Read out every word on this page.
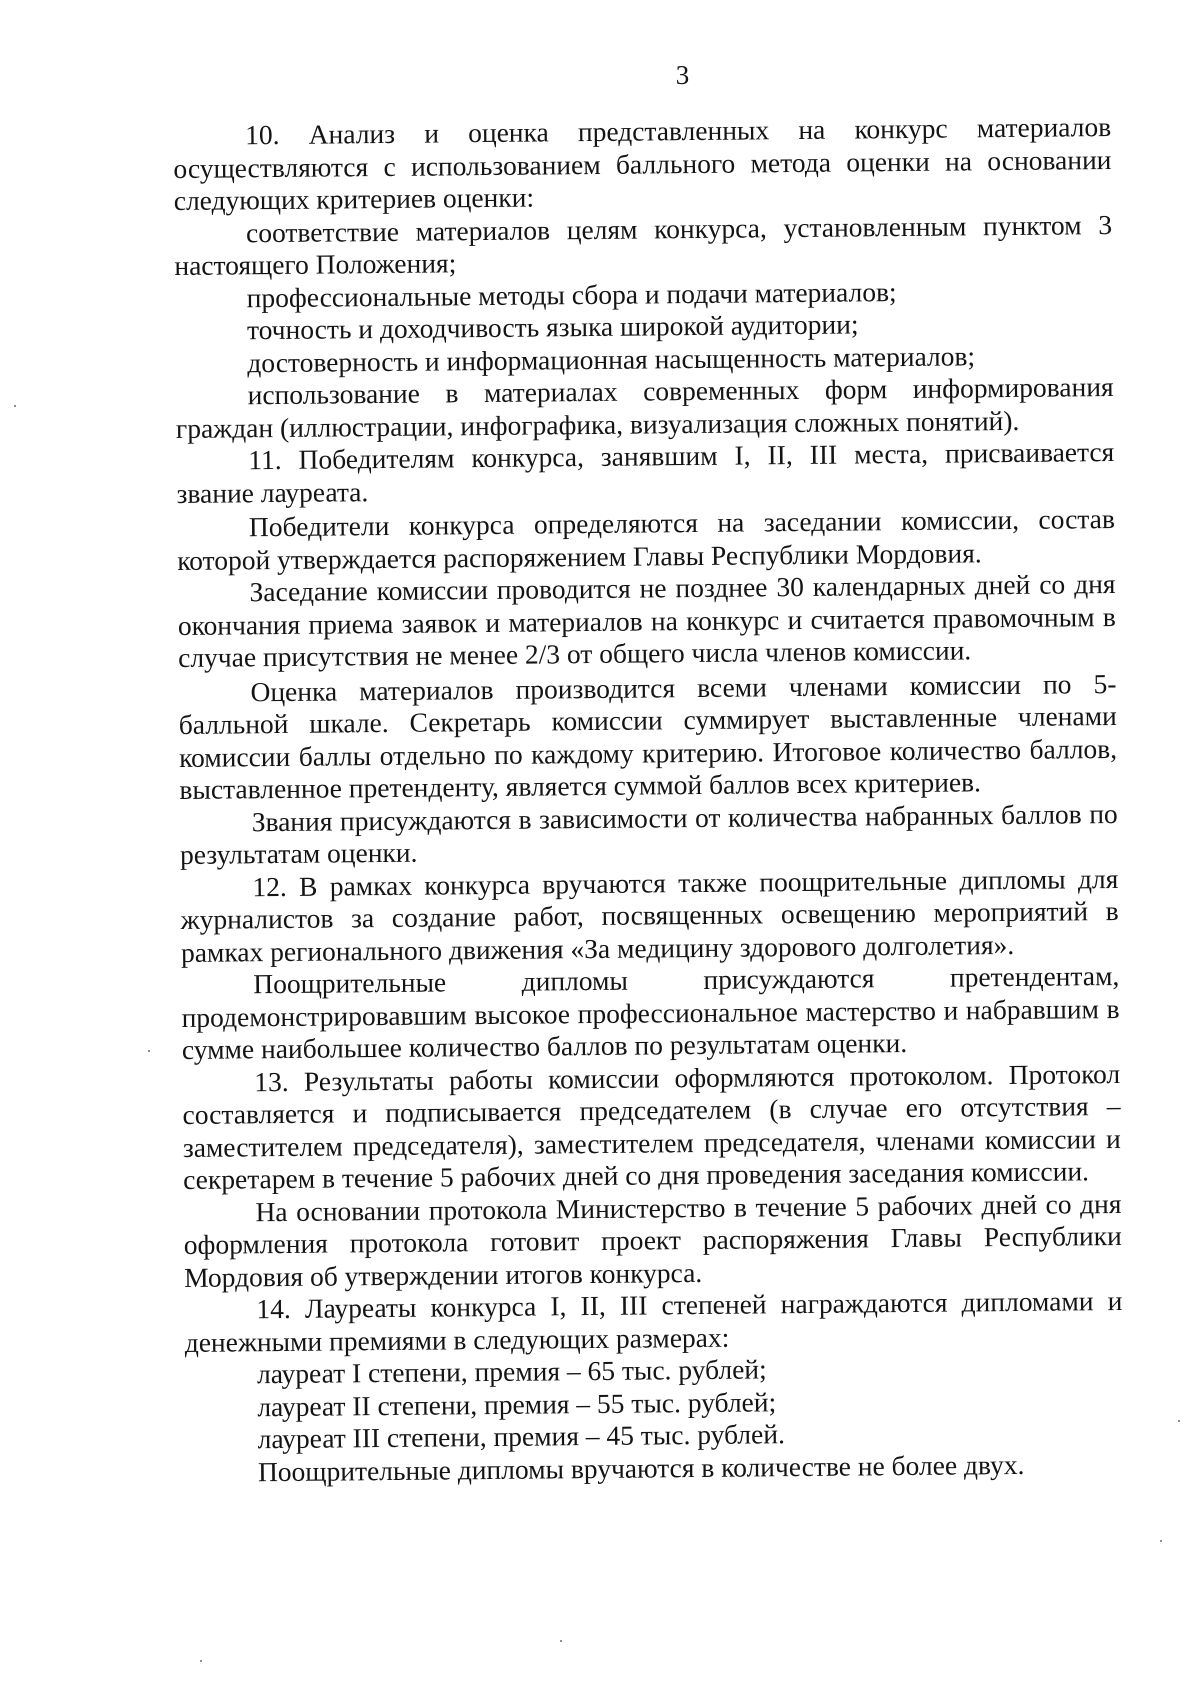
3

10. Анализ и оценка представленных на конкурс материалов осуществляются с использованием балльного метода оценки на основании следующих критериев оценки:

соответствие материалов целям конкурса, установленным пунктом 3 настоящего Положения;

профессиональные методы сбора и подачи материалов;

точность и доходчивость языка широкой аудитории;

достоверность и информационная насыщенность материалов;

использование в материалах современных форм информирования граждан (иллюстрации, инфографика, визуализация сложных понятий).

11. Победителям конкурса, занявшим I, II, III места, присваивается звание лауреата.

Победители конкурса определяются на заседании комиссии, состав которой утверждается распоряжением Главы Республики Мордовия.

Заседание комиссии проводится не позднее 30 календарных дней со дня окончания приема заявок и материалов на конкурс и считается правомочным в случае присутствия не менее 2/3 от общего числа членов комиссии.

Оценка материалов производится всеми членами комиссии по 5-балльной шкале. Секретарь комиссии суммирует выставленные членами комиссии баллы отдельно по каждому критерию. Итоговое количество баллов, выставленное претенденту, является суммой баллов всех критериев.

Звания присуждаются в зависимости от количества набранных баллов по результатам оценки.

12. В рамках конкурса вручаются также поощрительные дипломы для журналистов за создание работ, посвященных освещению мероприятий в рамках регионального движения «За медицину здорового долголетия».

Поощрительные дипломы присуждаются претендентам, продемонстрировавшим высокое профессиональное мастерство и набравшим в сумме наибольшее количество баллов по результатам оценки.

13. Результаты работы комиссии оформляются протоколом. Протокол составляется и подписывается председателем (в случае его отсутствия – заместителем председателя), заместителем председателя, членами комиссии и секретарем в течение 5 рабочих дней со дня проведения заседания комиссии.

На основании протокола Министерство в течение 5 рабочих дней со дня оформления протокола готовит проект распоряжения Главы Республики Мордовия об утверждении итогов конкурса.

14. Лауреаты конкурса I, II, III степеней награждаются дипломами и денежными премиями в следующих размерах:

лауреат I степени, премия – 65 тыс. рублей;

лауреат II степени, премия – 55 тыс. рублей;

лауреат III степени, премия – 45 тыс. рублей.

Поощрительные дипломы вручаются в количестве не более двух.
